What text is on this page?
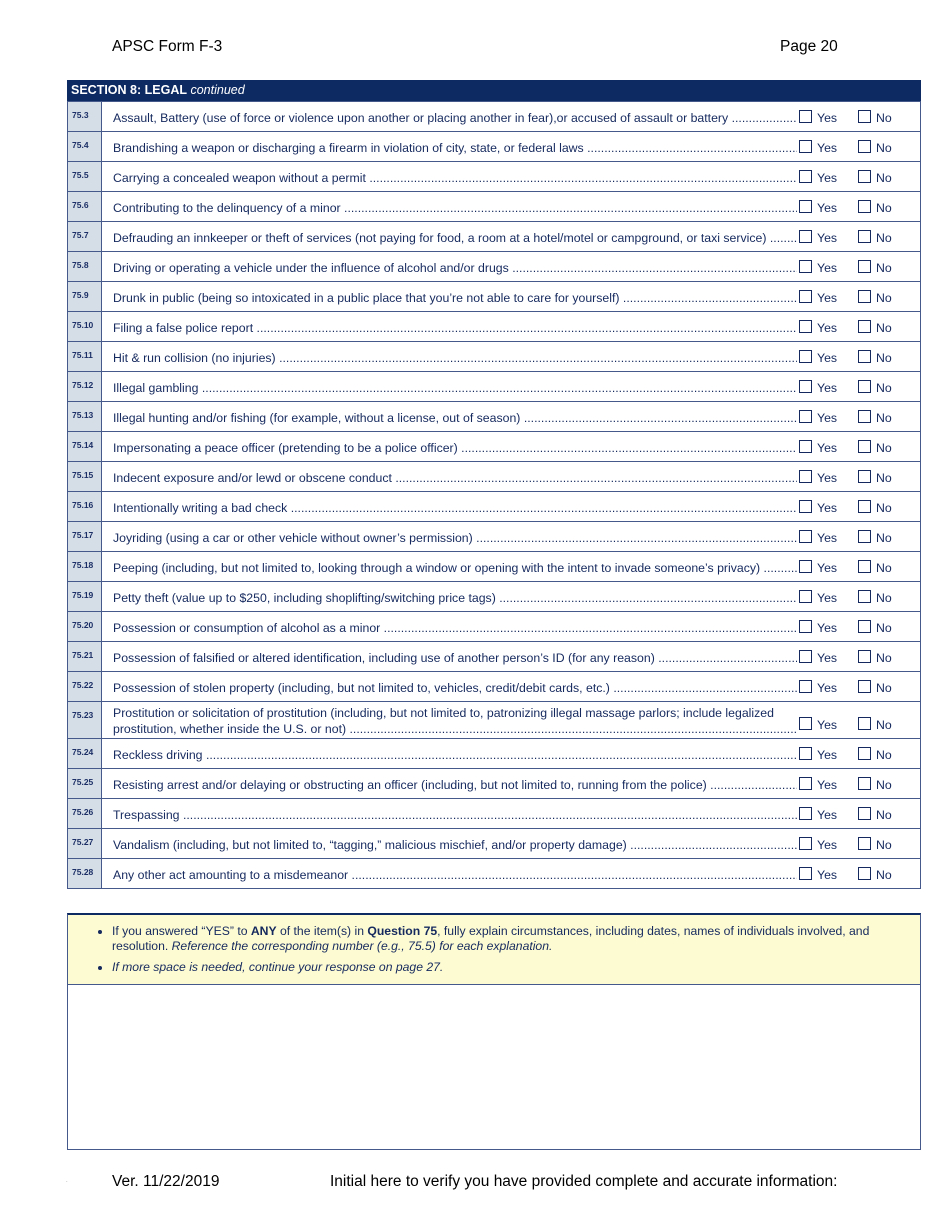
APSC Form F-3	Page 20
SECTION 8: LEGAL continued
75.3	Assault, Battery (use of force or violence upon another or placing another in fear),or accused of assault or battery ..... Yes No

75.4	Brandishing a weapon or discharging a firearm in violation of city, state, or federal laws ..... Yes No

75.5	Carrying a concealed weapon without a permit ..... Yes No

75.6	Contributing to the delinquency of a minor ..... Yes No

75.7	Defrauding an innkeeper or theft of services (not paying for food, a room at a hotel/motel or campground, or taxi service) ..... Yes No

75.8	Driving or operating a vehicle under the influence of alcohol and/or drugs ..... Yes No

75.9	Drunk in public (being so intoxicated in a public place that you’re not able to care for yourself) ..... Yes No

75.10	Filing a false police report ..... Yes No

75.11	Hit & run collision (no injuries) ..... Yes No

75.12	Illegal gambling ..... Yes No

75.13	Illegal hunting and/or fishing (for example, without a license, out of season) ..... Yes No

75.14	Impersonating a peace officer (pretending to be a police officer) ..... Yes No

75.15	Indecent exposure and/or lewd or obscene conduct ..... Yes No

75.16	Intentionally writing a bad check ..... Yes No

75.17	Joyriding (using a car or other vehicle without owner’s permission) ..... Yes No

75.18	Peeping (including, but not limited to, looking through a window or opening with the intent to invade someone’s privacy) ..... Yes No

75.19	Petty theft (value up to $250, including shoplifting/switching price tags) ..... Yes No

75.20	Possession or consumption of alcohol as a minor ..... Yes No

75.21	Possession of falsified or altered identification, including use of another person’s ID (for any reason) ..... Yes No

75.22	Possession of stolen property (including, but not limited to, vehicles, credit/debit cards, etc.) ..... Yes No

75.23	Prostitution or solicitation of prostitution (including, but not limited to, patronizing illegal massage parlors; include legalized
prostitution, whether inside the U.S. or not) ..... Yes No

75.24	Reckless driving ..... Yes No

75.25	Resisting arrest and/or delaying or obstructing an officer (including, but not limited to, running from the police) ..... Yes No

75.26	Trespassing ..... Yes No

75.27	Vandalism (including, but not limited to, “tagging,” malicious mischief, and/or property damage) ..... Yes No

75.28	Any other act amounting to a misdemeanor ..... Yes No
• If you answered “YES” to ANY of the item(s) in Question 75, fully explain circumstances, including dates, names of individuals involved, and resolution. Reference the corresponding number (e.g., 75.5) for each explanation.
• If more space is needed, continue your response on page 27.
.	Ver. 11/22/2019	Initial here to verify you have provided complete and accurate information:
